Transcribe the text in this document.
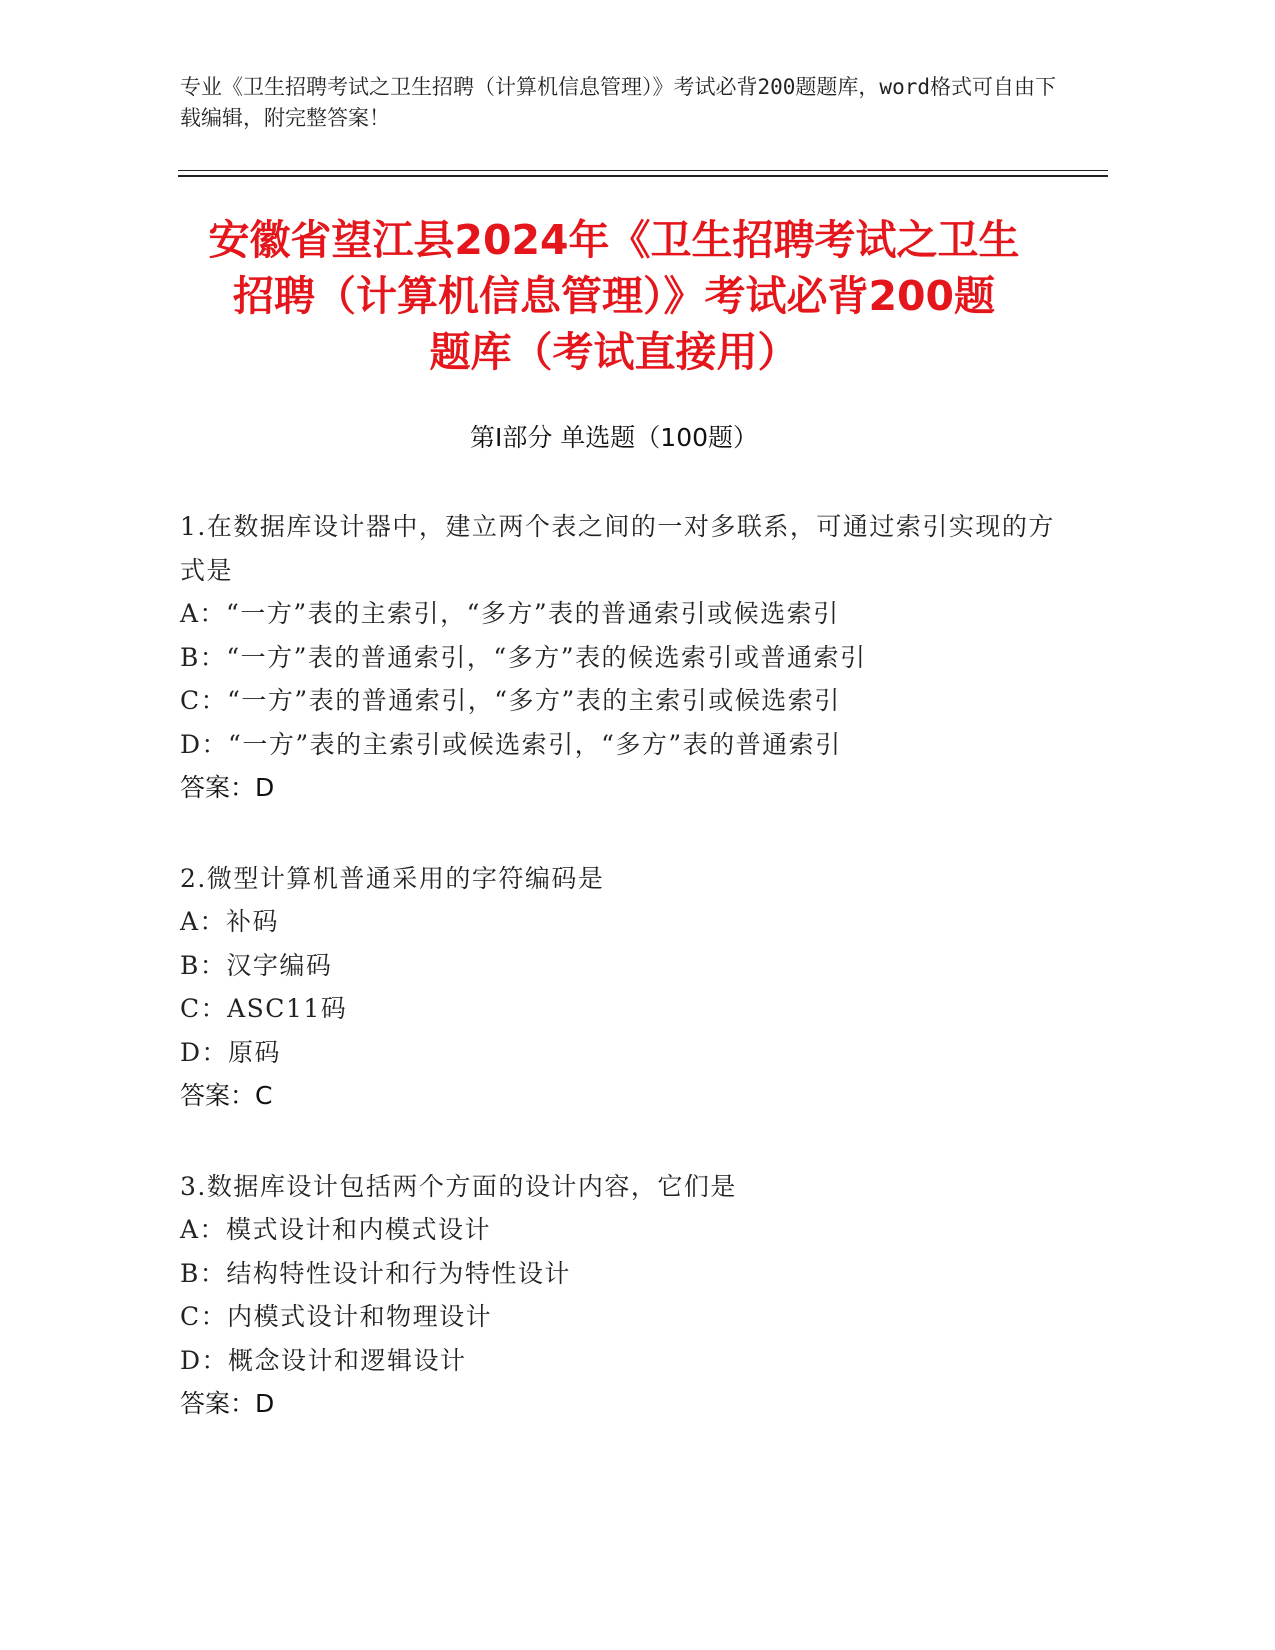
专业《卫生招聘考试之卫生招聘（计算机信息管理）》考试必背200题题库，word格式可自由下载编辑，附完整答案！
安徽省望江县2024年《卫生招聘考试之卫生
招聘（计算机信息管理）》考试必背200题
题库（考试直接用）
第Ⅰ部分 单选题（100题）

1.在数据库设计器中，建立两个表之间的一对多联系，可通过索引实现的方式是

A：“一方”表的主索引，“多方”表的普通索引或候选索引

B：“一方”表的普通索引，“多方”表的候选索引或普通索引

C：“一方”表的普通索引，“多方”表的主索引或候选索引

D：“一方”表的主索引或候选索引，“多方”表的普通索引

答案：D

2.微型计算机普通采用的字符编码是

A：补码

B：汉字编码

C：ASC11码

D：原码

答案：C

3.数据库设计包括两个方面的设计内容，它们是

A：模式设计和内模式设计

B：结构特性设计和行为特性设计

C：内模式设计和物理设计

D：概念设计和逻辑设计

答案：D
